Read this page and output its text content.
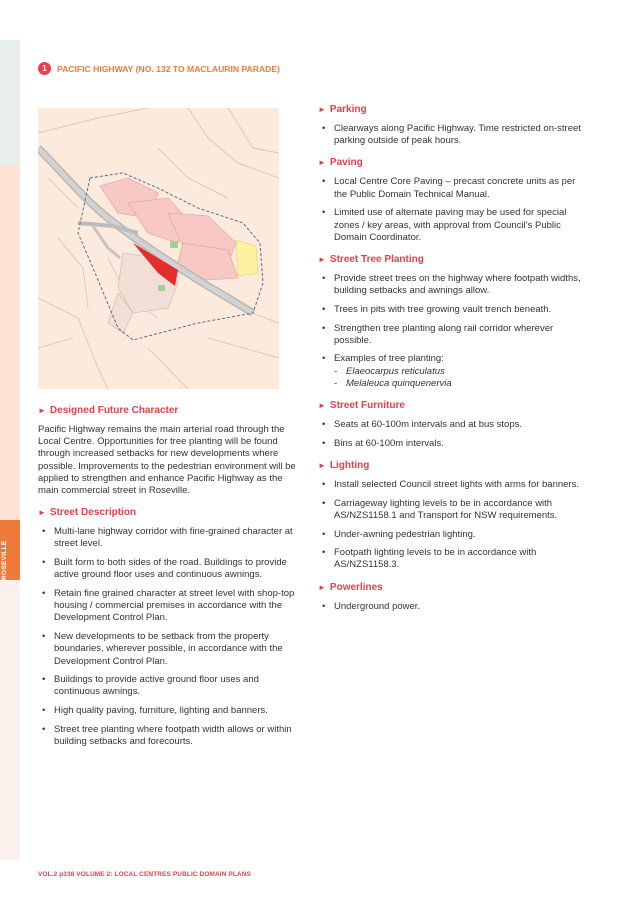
ROSEVILLE
1	PACIFIC HIGHWAY (NO. 132 TO MACLAURIN PARADE)
► Designed Future Character

Pacific Highway remains the main arterial road through the Local Centre. Opportunities for tree planting will be found through increased setbacks for new developments where possible. Improvements to the pedestrian environment will be applied to strengthen and enhance Pacific Highway as the main commercial street in Roseville.

► Street Description
• Multi-lane highway corridor with fine-grained character at street level.
• Built form to both sides of the road. Buildings to provide active ground floor uses and continuous awnings.
• Retain fine grained character at street level with shop-top housing / commercial premises in accordance with the Development Control Plan.
• New developments to be setback from the property boundaries, wherever possible, in accordance with the Development Control Plan.
• Buildings to provide active ground floor uses and continuous awnings.
• High quality paving, furniture, lighting and banners.
• Street tree planting where footpath width allows or within building setbacks and forecourts.
► Parking
• Clearways along Pacific Highway. Time restricted on-street parking outside of peak hours.
► Paving
• Local Centre Core Paving – precast concrete units as per the Public Domain Technical Manual.
• Limited use of alternate paving may be used for special zones / key areas, with approval from Council’s Public Domain Coordinator.
► Street Tree Planting
• Provide street trees on the highway where footpath widths, building setbacks and awnings allow.
• Trees in pits with tree growing vault trench beneath.
• Strengthen tree planting along rail corridor wherever possible.
• Examples of tree planting:
- Elaeocarpus reticulatus
- Melaleuca quinquenervia
► Street Furniture
• Seats at 60-100m intervals and at bus stops.
• Bins at 60-100m intervals.
► Lighting
• Install selected Council street lights with arms for banners.
• Carriageway lighting levels to be in accordance with AS/NZS1158.1 and Transport for NSW requirements.
• Under-awning pedestrian lighting.
• Footpath lighting levels to be in accordance with AS/NZS1158.3.
► Powerlines
• Underground power.
VOL.2 p338 VOLUME 2: LOCAL CENTRES PUBLIC DOMAIN PLANS
